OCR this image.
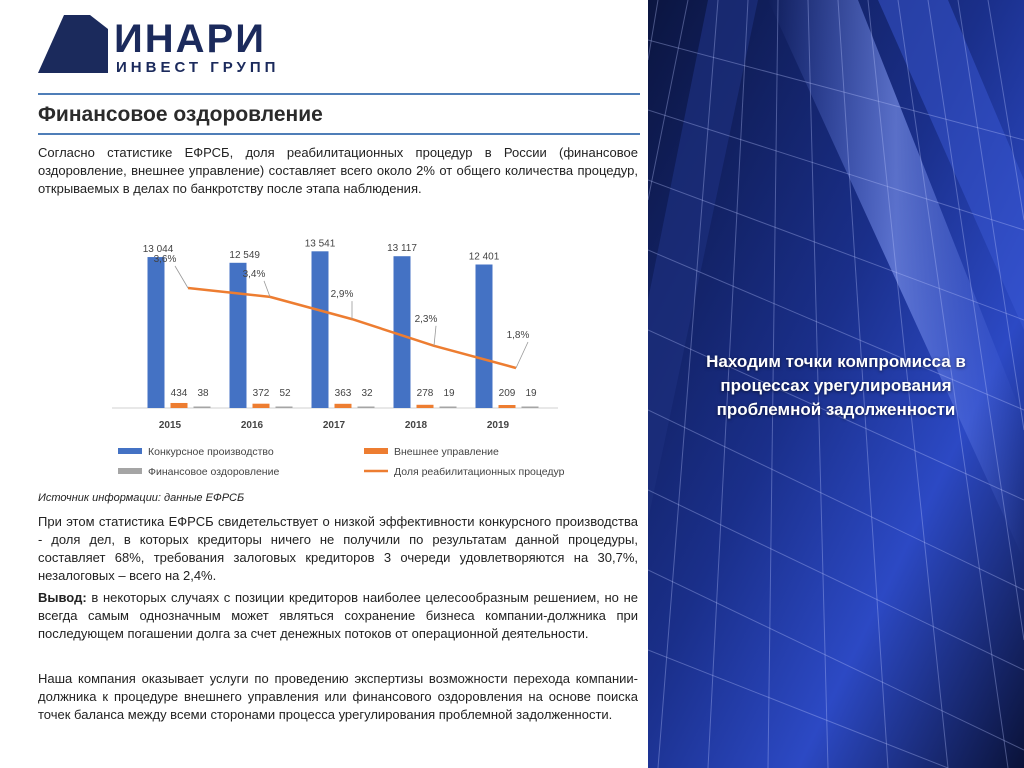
ИНАРИ
ИНВЕСТ ГРУПП
Финансовое оздоровление

Согласно статистике ЕФРСБ, доля реабилитационных процедур в России (финансовое оздоровление, внешнее управление) составляет всего около 2% от общего количества процедур, открываемых в делах по банкротству после этапа наблюдения.

13 044
434 38
2015
12 549
372 52
2016
13 541
363 32
2017
13 117
278 19
2018
12 401
209 19
2019
3,6%
3,4%
2,9%
2,3%
1,8%
Конкурсное производство	Внешнее управление
Финансовое оздоровление	Доля реабилитационных процедур
Источник информации: данные ЕФРСБ

При этом статистика ЕФРСБ свидетельствует о низкой эффективности конкурсного производства - доля дел, в которых кредиторы ничего не получили по результатам данной процедуры, составляет 68%, требования залоговых кредиторов 3 очереди удовлетворяются на 30,7%, незалоговых – всего на 2,4%.

Вывод: в некоторых случаях с позиции кредиторов наиболее целесообразным решением, но не всегда самым однозначным может являться сохранение бизнеса компании-должника при последующем погашении долга за счет денежных потоков от операционной деятельности.

Наша компания оказывает услуги по проведению экспертизы возможности перехода компании-должника к процедуре внешнего управления или финансового оздоровления на основе поиска точек баланса между всеми сторонами процесса урегулирования проблемной задолженности.

Находим точки компромисса в процессах урегулирования проблемной задолженности
